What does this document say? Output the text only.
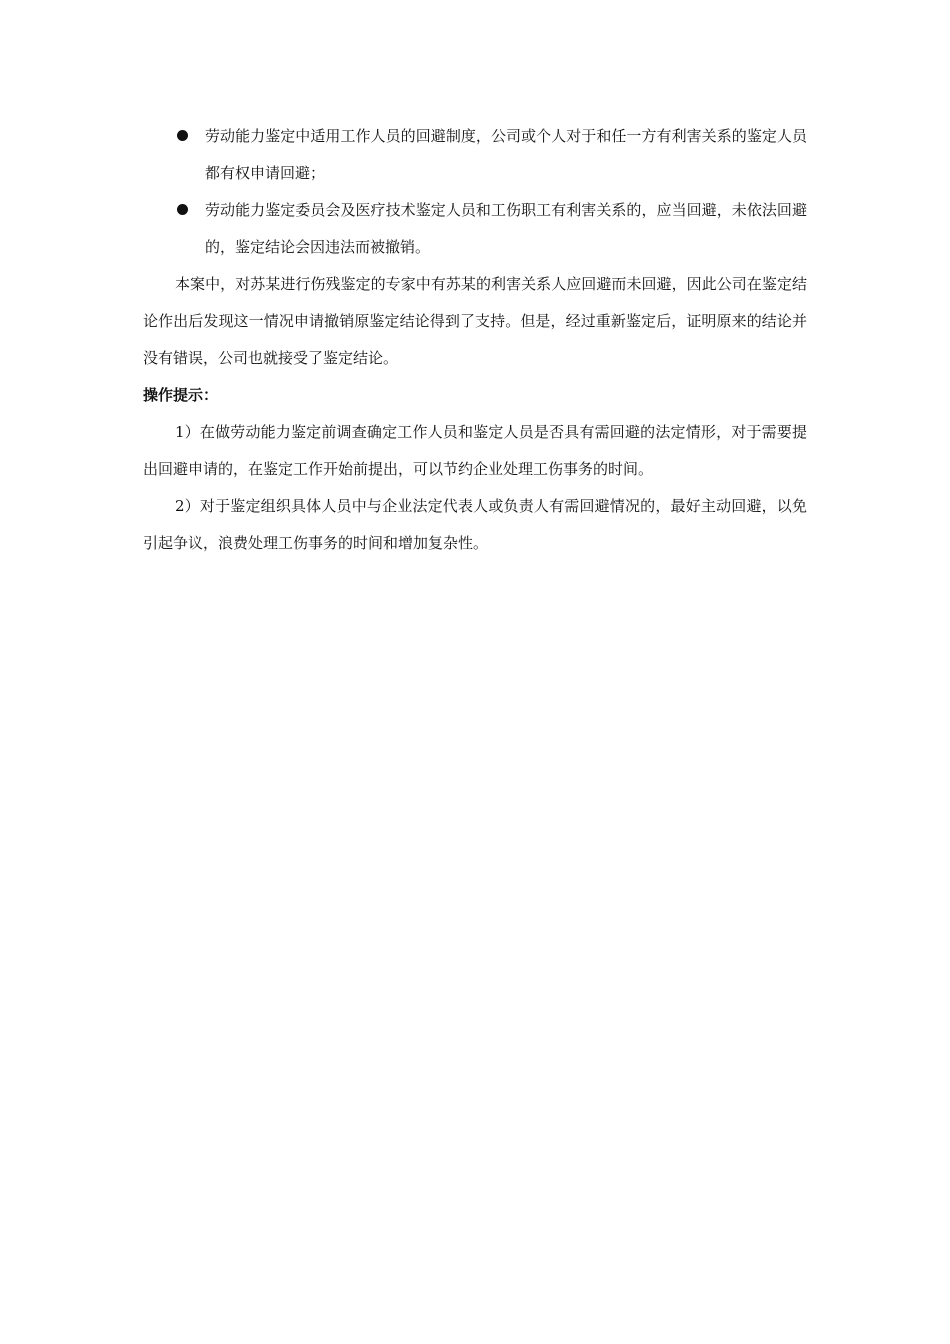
劳动能力鉴定中适用工作人员的回避制度，公司或个人对于和任一方有利害关系的鉴定人员都有权申请回避；
劳动能力鉴定委员会及医疗技术鉴定人员和工伤职工有利害关系的，应当回避，未依法回避的，鉴定结论会因违法而被撤销。

本案中，对苏某进行伤残鉴定的专家中有苏某的利害关系人应回避而未回避，因此公司在鉴定结论作出后发现这一情况申请撤销原鉴定结论得到了支持。但是，经过重新鉴定后，证明原来的结论并没有错误，公司也就接受了鉴定结论。

操作提示：

1）在做劳动能力鉴定前调查确定工作人员和鉴定人员是否具有需回避的法定情形，对于需要提出回避申请的，在鉴定工作开始前提出，可以节约企业处理工伤事务的时间。

2）对于鉴定组织具体人员中与企业法定代表人或负责人有需回避情况的，最好主动回避，以免引起争议，浪费处理工伤事务的时间和增加复杂性。
